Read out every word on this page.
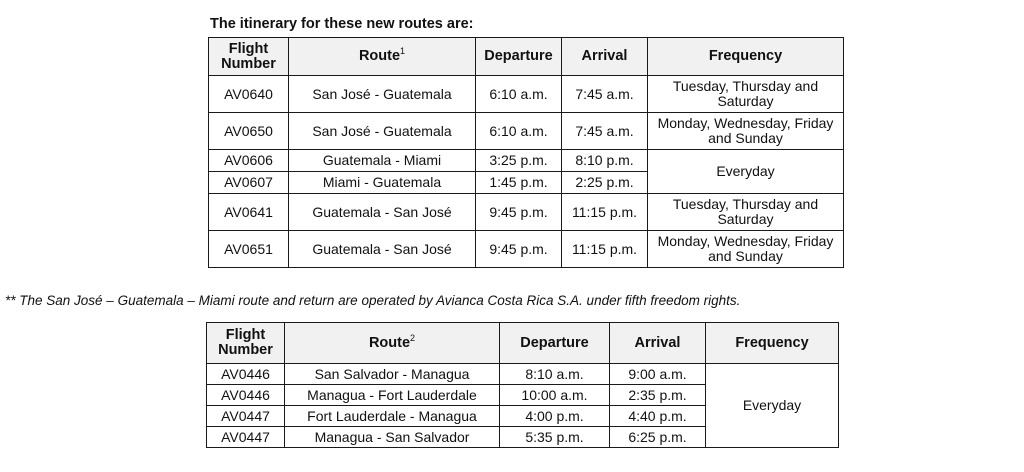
The itinerary for these new routes are:
Flight Number	Route$^1$	Departure	Arrival	Frequency
AV0640	San José - Guatemala	6:10 a.m.	7:45 a.m.	Tuesday, Thursday and Saturday
AV0650	San José - Guatemala	6:10 a.m.	7:45 a.m.	Monday, Wednesday, Friday and Sunday
AV0606	Guatemala - Miami	3:25 p.m.	8:10 p.m.	Everyday
AV0607	Miami - Guatemala	1:45 p.m.	2:25 p.m.	
AV0641	Guatemala - San José	9:45 p.m.	11:15 p.m.	Tuesday, Thursday and Saturday
AV0651	Guatemala - San José	9:45 p.m.	11:15 p.m.	Monday, Wednesday, Friday and Sunday
** The San José – Guatemala – Miami route and return are operated by Avianca Costa Rica S.A. under fifth freedom rights.
Flight Number	Route$^2$	Departure	Arrival	Frequency
AV0446	San Salvador - Managua	8:10 a.m.	9:00 a.m.	Everyday
AV0446	Managua - Fort Lauderdale	10:00 a.m.	2:35 p.m.	
AV0447	Fort Lauderdale - Managua	4:00 p.m.	4:40 p.m.	
AV0447	Managua - San Salvador	5:35 p.m.	6:25 p.m.	
